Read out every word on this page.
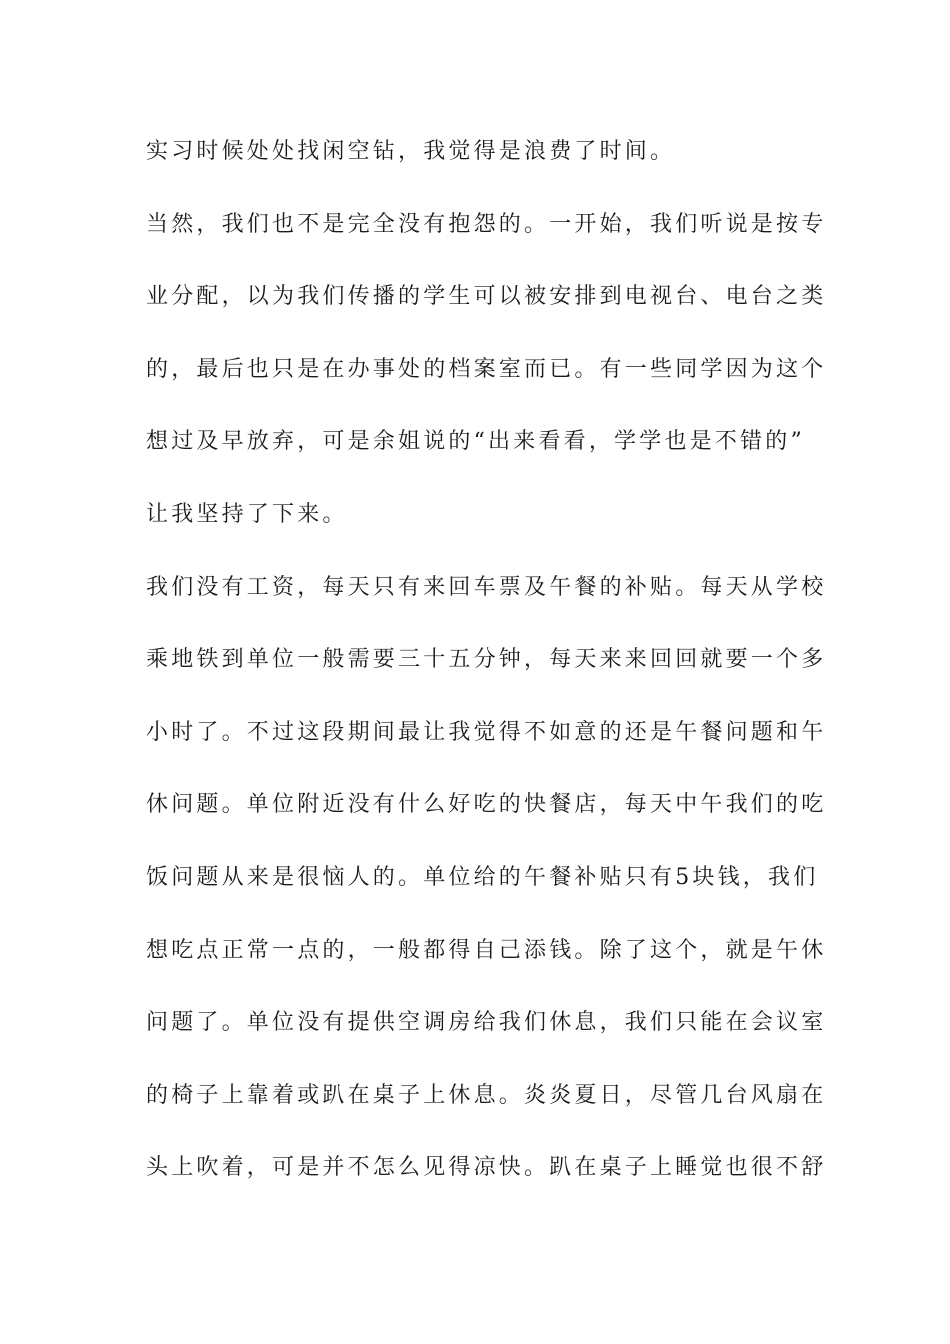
实习时候处处找闲空钻，我觉得是浪费了时间。
当然，我们也不是完全没有抱怨的。一开始，我们听说是按专
业分配，以为我们传播的学生可以被安排到电视台、电台之类
的，最后也只是在办事处的档案室而已。有一些同学因为这个
想过及早放弃，可是余姐说的“出来看看，学学也是不错的”
让我坚持了下来。
我们没有工资，每天只有来回车票及午餐的补贴。每天从学校
乘地铁到单位一般需要三十五分钟，每天来来回回就要一个多
小时了。不过这段期间最让我觉得不如意的还是午餐问题和午
休问题。单位附近没有什么好吃的快餐店，每天中午我们的吃
饭问题从来是很恼人的。单位给的午餐补贴只有5块钱，我们
想吃点正常一点的，一般都得自己添钱。除了这个，就是午休
问题了。单位没有提供空调房给我们休息，我们只能在会议室
的椅子上靠着或趴在桌子上休息。炎炎夏日，尽管几台风扇在
头上吹着，可是并不怎么见得凉快。趴在桌子上睡觉也很不舒
